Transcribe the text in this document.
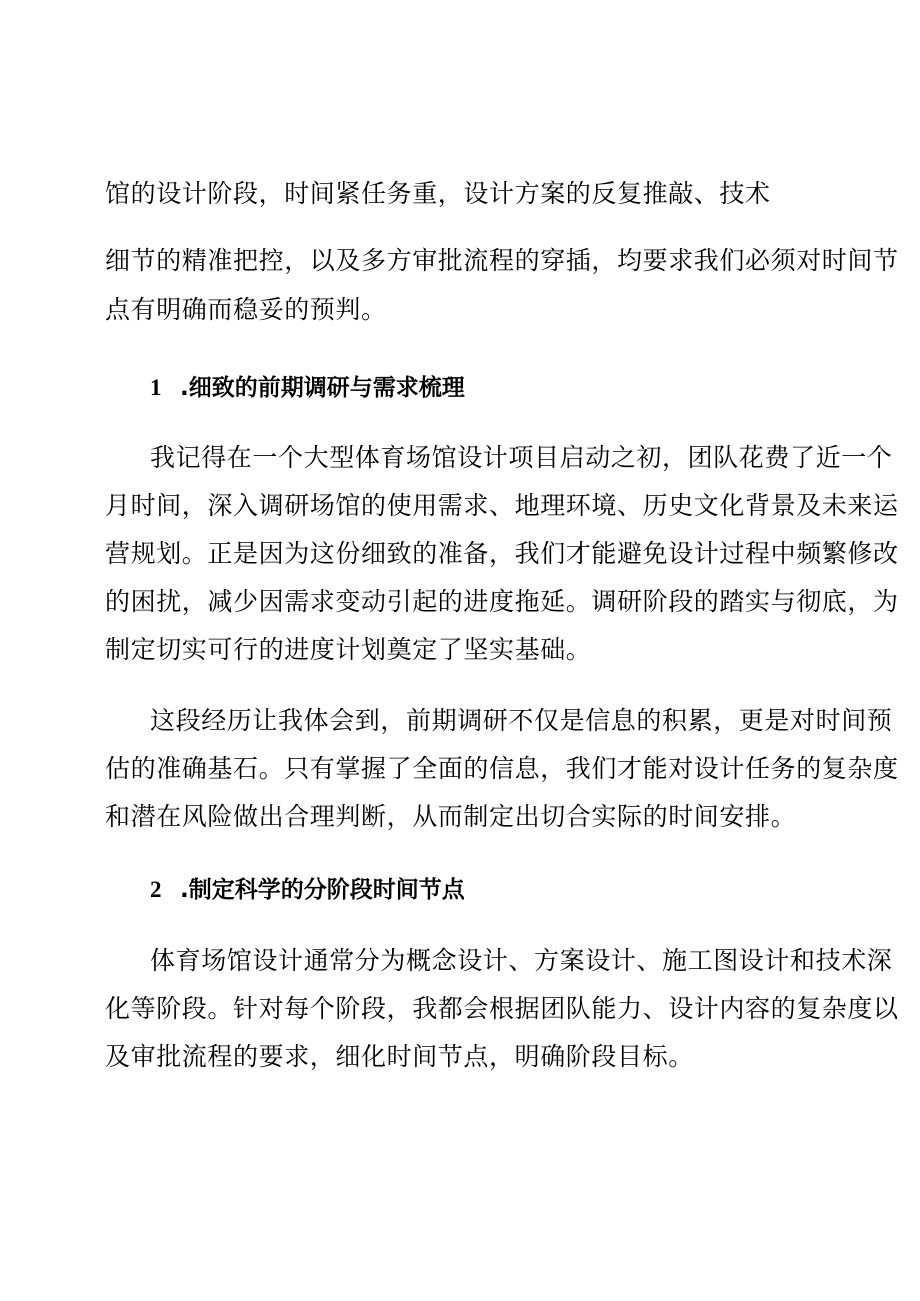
馆的设计阶段，时间紧任务重，设计方案的反复推敲、技术
细节的精准把控，以及多方审批流程的穿插，均要求我们必须对时间节
点有明确而稳妥的预判。
1 .细致的前期调研与需求梳理
我记得在一个大型体育场馆设计项目启动之初，团队花费了近一个
月时间，深入调研场馆的使用需求、地理环境、历史文化背景及未来运
营规划。正是因为这份细致的准备，我们才能避免设计过程中频繁修改
的困扰，减少因需求变动引起的进度拖延。调研阶段的踏实与彻底，为
制定切实可行的进度计划奠定了坚实基础。
这段经历让我体会到，前期调研不仅是信息的积累，更是对时间预
估的准确基石。只有掌握了全面的信息，我们才能对设计任务的复杂度
和潜在风险做出合理判断，从而制定出切合实际的时间安排。
2 .制定科学的分阶段时间节点
体育场馆设计通常分为概念设计、方案设计、施工图设计和技术深
化等阶段。针对每个阶段，我都会根据团队能力、设计内容的复杂度以
及审批流程的要求，细化时间节点，明确阶段目标。
